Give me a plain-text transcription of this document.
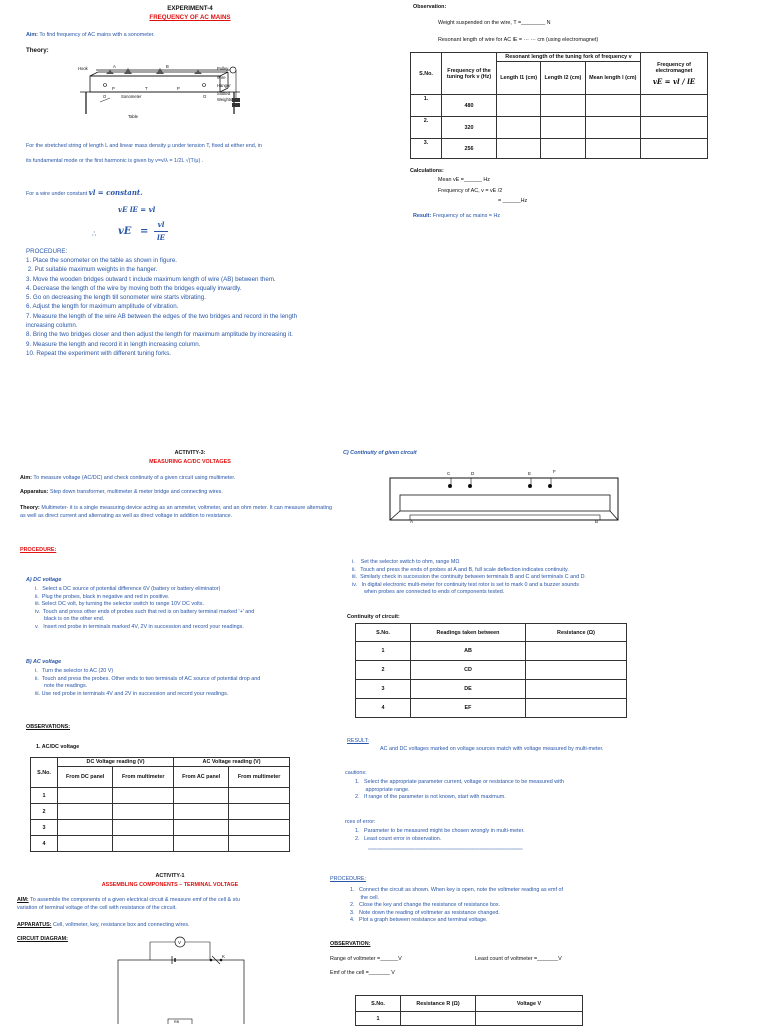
EXPERIMENT-4
FREQUENCY OF AC MAINS
Aim: To find frequency of AC mains with a sonometer.
Theory:
Hook	A	B
P	T	P
O	Sonometer	O
Pulley
Wire
Hanger
Slotted
Weights
Table
For the stretched string of length L and linear mass density μ under tension T, fixed at either end, in
its fundamental mode or the first harmonic is given by v=v/λ = 1/2L √(T/μ) .
For a wire under constant vl = constant.
vE lE = vl
∴ vE =
vl
lE
PROCEDURE:
1. Place the sonometer on the table as shown in figure.
2. Put suitable maximum weights in the hanger.
3. Move the wooden bridges outward t include maximum length of wire (AB) between them.
4. Decrease the length of the wire by moving both the bridges equally inwardly.
5. Go on decreasing the length till sonometer wire starts vibrating.
6. Adjust the length for maximum amplitude of vibration.
7. Measure the length of the wire AB between the edges of the two bridges and record in the length
increasing column.
8. Bring the two bridges closer and then adjust the length for maximum amplitude by increasing it.
9. Measure the length and record it in length increasing column.
10. Repeat the experiment with different tuning forks.
Observation:
Weight suspended on the wire, T =________ N
Resonant length of wire for AC lE = ··· ··· cm (using electromagnet)
S.No.	Frequency of the tuning fork v (Hz)	Resonant length of the tuning fork of frequency v			Frequency of electromagnet
vE = vl / lE

		Length l1 (cm)	Length l2 (cm)	Mean length l (cm)	
1.	480				
2.	320				
3.	256				
Calculations:
Mean vE =______ Hz
Frequency of AC, v = vE /2
= ______Hz
Result: Frequency of ac mains = Hz
ACTIVITY-3:
MEASURING AC/DC VOLTAGES
Aim: To measure voltage (AC/DC) and check continuity of a given circuit using multimeter.
Apparatus: Step down transformer, multimeter & meter bridge and connecting wires.
Theory: Multimeter- it is a single measuring device acting as an ammeter, voltmeter, and an ohm meter. It can measure alternating as well as direct current and alternating as well as direct voltage in addition to resistance.
PROCEDURE:
A) DC voltage
i.   Select a DC source of potential difference 6V (battery or battery eliminator)
ii.  Plug the probes, black in negative and red in positive.
iii. Select DC volt, by turning the selector switch to range 10V DC volts.
iv.  Touch and press other ends of probes such that red is on battery terminal marked '+' and
black is on the other end.
v.   Insert red probe in terminals marked 4V, 2V in succession and record your readings.
B) AC voltage
i.   Turn the selector to AC (20 V)
ii.  Touch and press the probes. Other ends to two terminals of AC source of potential drop and
note the readings.
iii. Use red probe in terminals 4V and 2V in succession and record your readings.
OBSERVATIONS:
1. AC/DC voltage
S.No.	DC Voltage reading (V)		AC Voltage reading (V)	
	From DC panel	From multimeter	From AC panel	From multimeter
1				
2				
3				
4				
C) Continuity of given circuit
C	D	E	F
A	B
i.    Set the selector switch to ohm, range MΩ
ii.   Touch and press the ends of probes at A and B, full scale deflection indicates continuity.
iii.  Similarly check in succession the continuity between terminals B and C and terminals C and D.
iv.   In digital electronic multi-meter for continuity test rotor is set to mark 0 and a buzzer sounds
when probes are connected to ends of components tested.
Continuity of circuit:
S.No.	Readings taken between	Resistance (Ω)
1	AB	
2	CD	
3	DE	
4	EF	
RESULT:
AC and DC voltages marked on voltage sources match with voltage measured by multi-meter.
cautions:
1.   Select the appropriate parameter current, voltage or resistance to be measured with
appropriate range.
2.   If range of the parameter is not known, start with maximum.
rces of error:
1.   Parameter to be measured might be chosen wrongly in multi-meter.
2.   Least count error in observation.
========================================================================
ACTIVITY-1
ASSEMBLING COMPONENTS – TERMINAL VOLTAGE
AIM: To assemble the components of a given electrical circuit & measure emf of the cell & stu
variation of terminal voltage of the cell with resistance of the circuit.
APPARATUS: Cell, voltmeter, key, resistance box and connecting wires.
CIRCUIT DIAGRAM:
V
K
RB
PROCEDURE:
1.   Connect the circuit as shown. When key is open, note the voltmeter reading as emf of
the cell.
2.   Close the key and change the resistance of resistance box.
3.   Note down the reading of voltmeter as resistance changed.
4.   Plot a graph between resistance and terminal voltage.
OBSERVATION:
Range of voltmeter =______V	Least count of voltmeter =_______V
Emf of the cell =_______ V
S.No.	Resistance R (Ω)	Voltage V
1		
